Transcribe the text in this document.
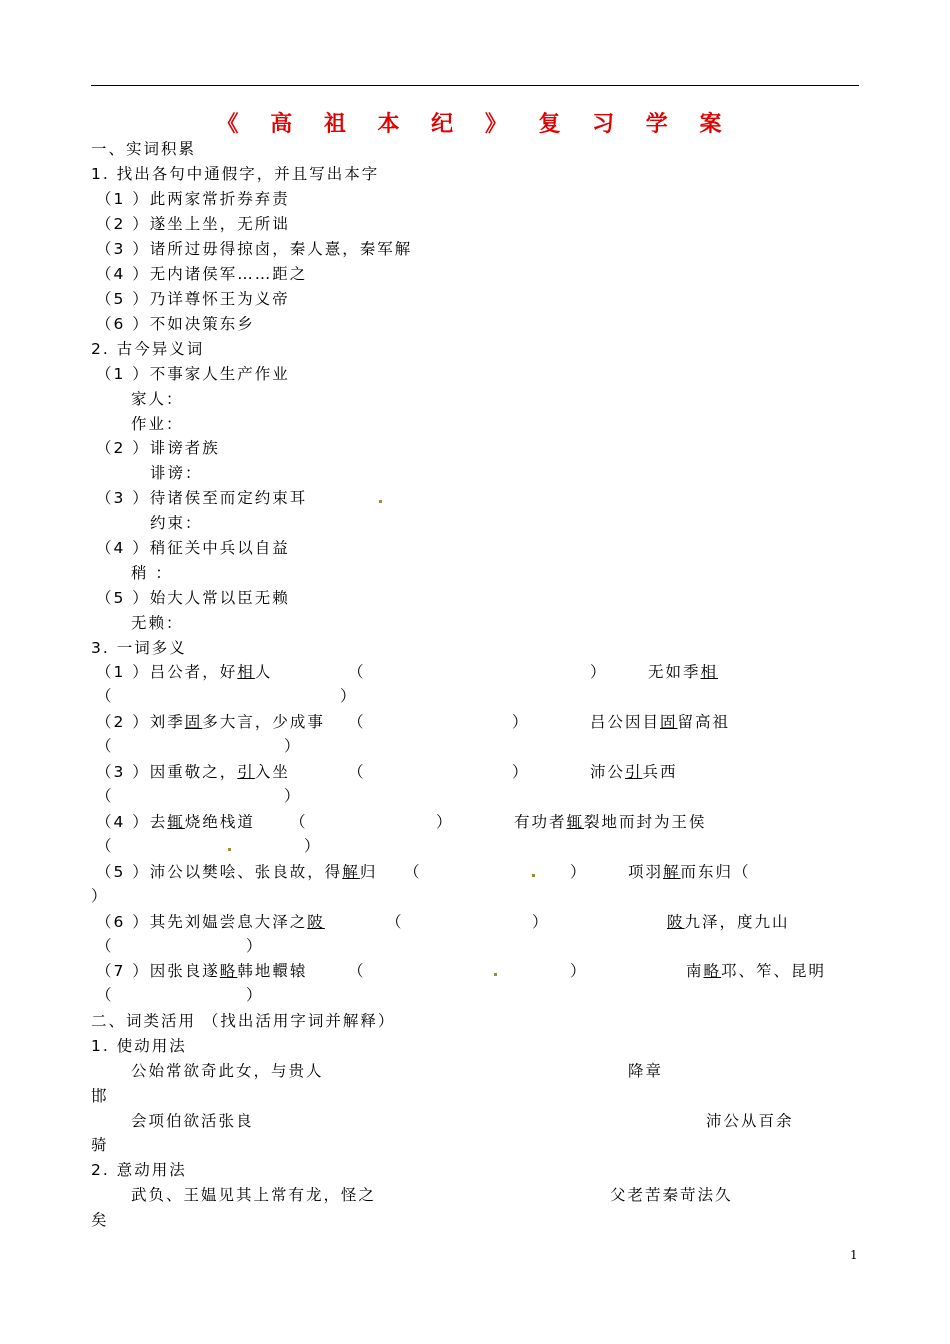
《 高 祖 本 纪 》 复 习 学 案
一、实词积累
1. 找出各句中通假字，并且写出本字
（1 ）此两家常折券弃责
（2 ）遂坐上坐，无所诎
（3 ）诸所过毋得掠卤，秦人憙，秦军解
（4 ）无内诸侯军……距之
（5 ）乃详尊怀王为义帝
（6 ）不如决策东乡
2. 古今异义词
（1 ）不事家人生产作业
家人：
作业：
（2 ）诽谤者族
诽谤：
（3 ）待诸侯至而定约束耳
约束：
（4 ）稍征关中兵以自益
稍 ：
（5 ）始大人常以臣无赖
无赖：
3. 一词多义
（1 ）吕公者，好相人	（	）	无如季相
（	）
（2 ）刘季固多大言，少成事 （	）	吕公因目固留高祖
（	）
（3 ）因重敬之，引入坐	（	）	沛公引兵西
（	）
（4 ）去辄烧绝栈道 （	）	有功者辄裂地而封为王侯
（	）
（5 ）沛公以樊哙、张良故，得解归 （	）	项羽解而东归（
）
（6 ）其先刘媪尝息大泽之陂	（	）	陂九泽，度九山
（	）
（7 ）因张良遂略韩地轘辕	（	）	南略邛、笮、昆明
（	）
二、词类活用 （找出活用字词并解释）
1. 使动用法
公始常欲奇此女，与贵人	降章
邯
会项伯欲活张良	沛公从百余
骑
2. 意动用法
武负、王媪见其上常有龙，怪之	父老苦秦苛法久
矣
1
